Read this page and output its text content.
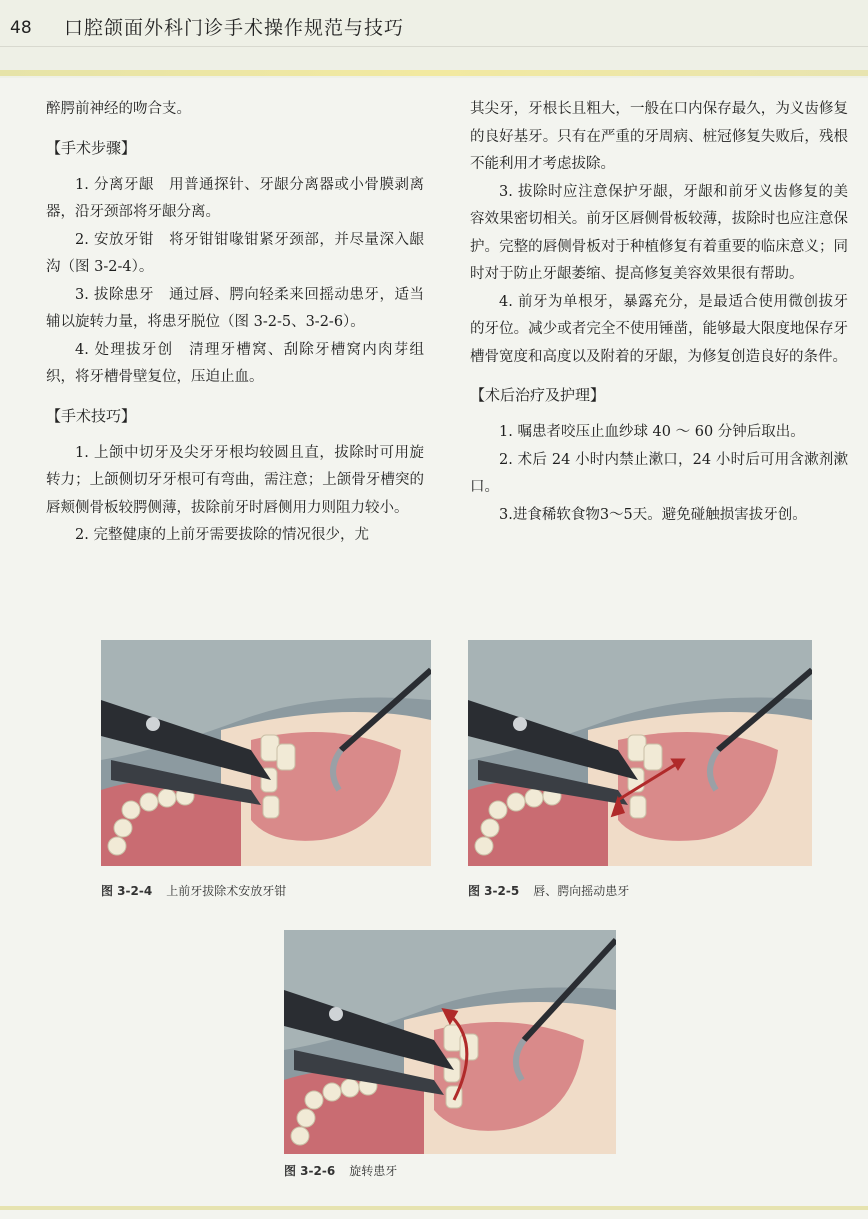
48	口腔颌面外科门诊手术操作规范与技巧

醉腭前神经的吻合支。

【手术步骤】

1. 分离牙龈　用普通探针、牙龈分离器或小骨膜剥离器，沿牙颈部将牙龈分离。

2. 安放牙钳　将牙钳钳喙钳紧牙颈部，并尽量深入龈沟（图 3-2-4）。

3. 拔除患牙　通过唇、腭向轻柔来回摇动患牙，适当辅以旋转力量，将患牙脱位（图 3-2-5、3-2-6）。

4. 处理拔牙创　清理牙槽窝、刮除牙槽窝内肉芽组织，将牙槽骨壁复位，压迫止血。

【手术技巧】

1. 上颌中切牙及尖牙牙根均较圆且直，拔除时可用旋转力；上颌侧切牙牙根可有弯曲，需注意；上颌骨牙槽突的唇颊侧骨板较腭侧薄，拔除前牙时唇侧用力则阻力较小。

2. 完整健康的上前牙需要拔除的情况很少，尤

其尖牙，牙根长且粗大，一般在口内保存最久，为义齿修复的良好基牙。只有在严重的牙周病、桩冠修复失败后，残根不能利用才考虑拔除。

3. 拔除时应注意保护牙龈，牙龈和前牙义齿修复的美容效果密切相关。前牙区唇侧骨板较薄，拔除时也应注意保护。完整的唇侧骨板对于种植修复有着重要的临床意义；同时对于防止牙龈萎缩、提高修复美容效果很有帮助。

4. 前牙为单根牙，暴露充分，是最适合使用微创拔牙的牙位。减少或者完全不使用锤凿，能够最大限度地保存牙槽骨宽度和高度以及附着的牙龈，为修复创造良好的条件。

【术后治疗及护理】

1. 嘱患者咬压止血纱球 40 ～ 60 分钟后取出。

2. 术后 24 小时内禁止漱口，24 小时后可用含漱剂漱口。

3.进食稀软食物3～5天。避免碰触损害拔牙创。

图 3-2-4 上前牙拔除术安放牙钳	图 3-2-5 唇、腭向摇动患牙
图 3-2-6 旋转患牙
